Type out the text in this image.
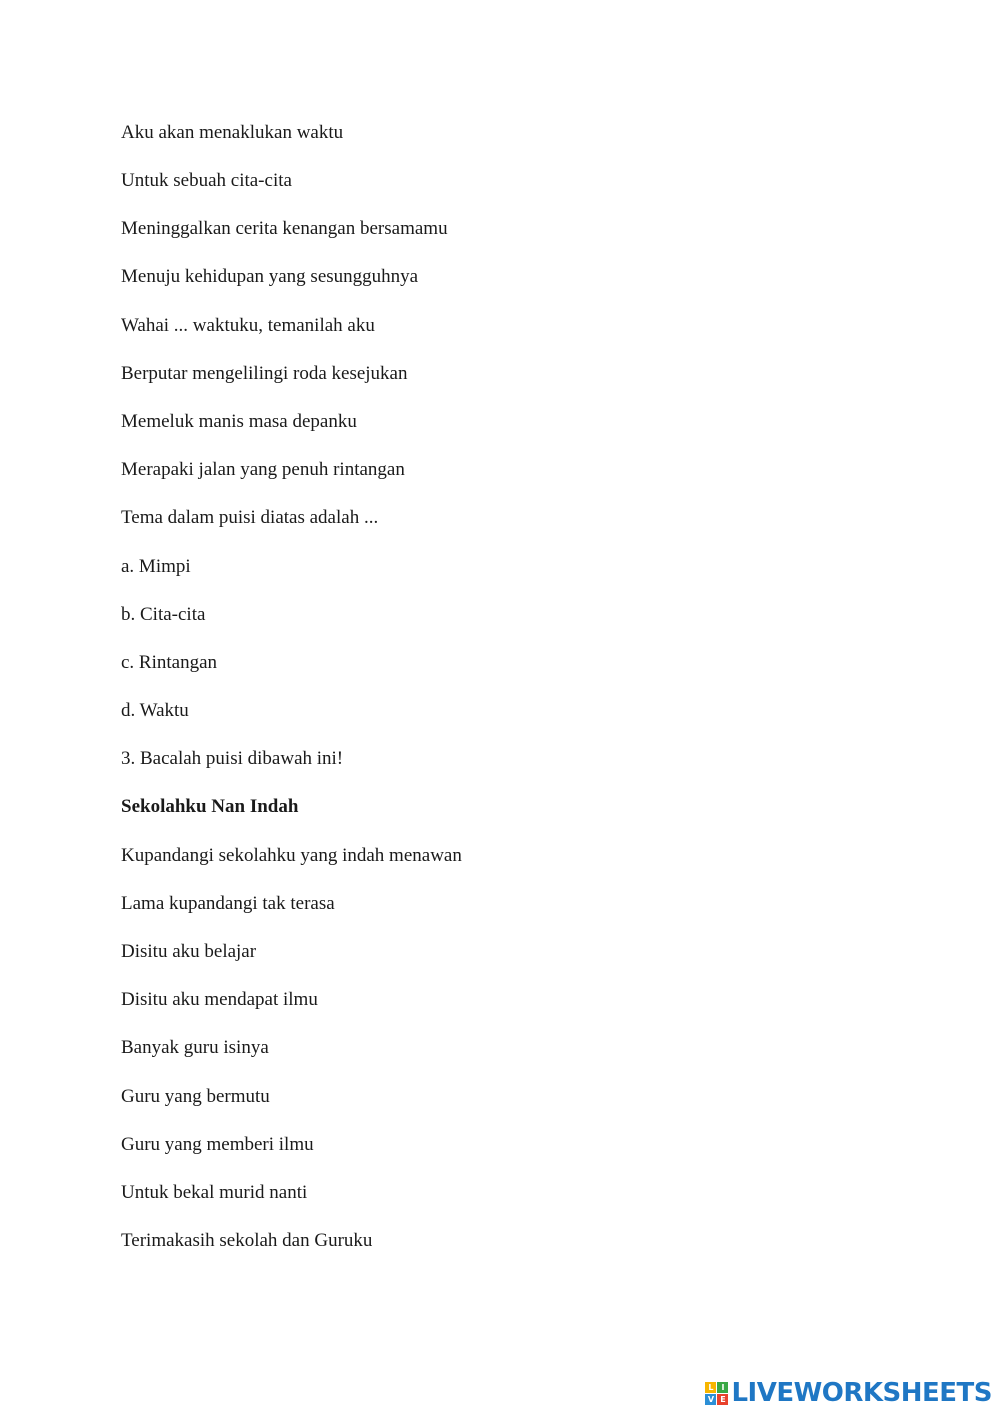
Aku akan menaklukan waktu
Untuk sebuah cita-cita
Meninggalkan cerita kenangan bersamamu
Menuju kehidupan yang sesungguhnya
Wahai ... waktuku, temanilah aku
Berputar mengelilingi roda kesejukan
Memeluk manis masa depanku
Merapaki jalan yang penuh rintangan
Tema dalam puisi diatas adalah ...
a. Mimpi
b. Cita-cita
c. Rintangan
d. Waktu
3. Bacalah puisi dibawah ini!
Sekolahku Nan Indah
Kupandangi sekolahku yang indah menawan
Lama kupandangi tak terasa
Disitu aku belajar
Disitu aku mendapat ilmu
Banyak guru isinya
Guru yang bermutu
Guru yang memberi ilmu
Untuk bekal murid nanti
Terimakasih sekolah dan Guruku
L I
V E LIVEWORKSHEETS
